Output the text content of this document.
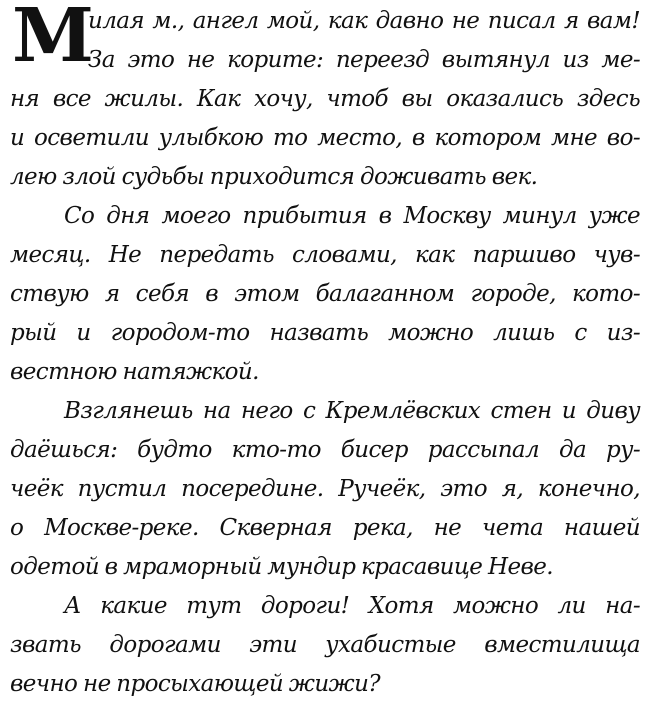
М
илая м., ангел мой, как давно не писал я вам!
За это не корите: переезд вытянул из ме-
ня все жилы. Как хочу, чтоб вы оказались здесь
и осветили улыбкою то место, в котором мне во-
лею злой судьбы приходится доживать век.
Со дня моего прибытия в Москву минул уже
месяц. Не передать словами, как паршиво чув-
ствую я себя в этом балаганном городе, кото-
рый и городом-то назвать можно лишь с из-
вестною натяжкой.
Взглянешь на него с Кремлёвских стен и диву
даёшься: будто кто-то бисер рассыпал да ру-
чеёк пустил посередине. Ручеёк, это я, конечно,
о Москве-реке. Скверная река, не чета нашей
одетой в мраморный мундир красавице Неве.
А какие тут дороги! Хотя можно ли на-
звать дорогами эти ухабистые вместилища
вечно не просыхающей жижи?
